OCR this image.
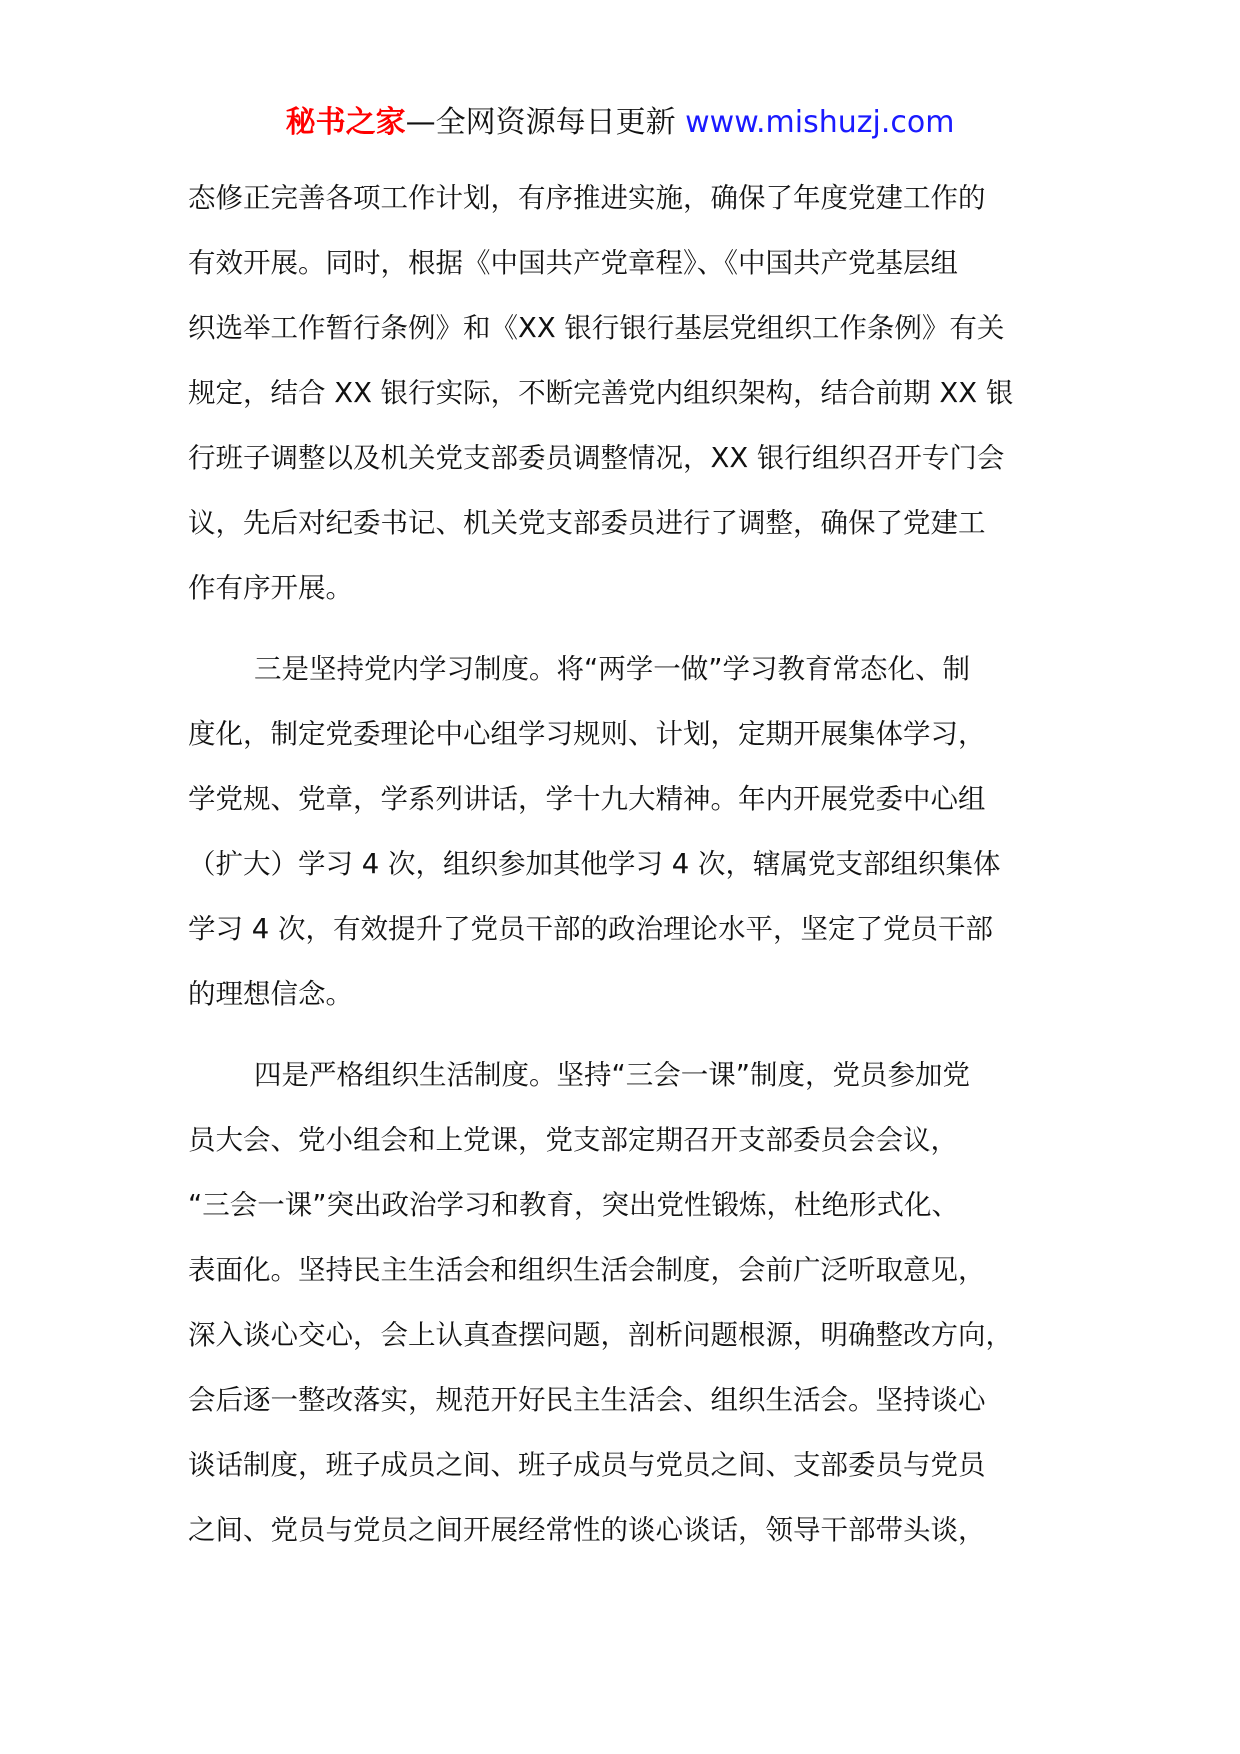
秘书之家—全网资源每日更新 www.mishuzj.com
态修正完善各项工作计划，有序推进实施，确保了年度党建工作的
有效开展。同时，根据《中国共产党章程》、《中国共产党基层组
织选举工作暂行条例》和《XX 银行银行基层党组织工作条例》有关
规定，结合 XX 银行实际，不断完善党内组织架构，结合前期 XX 银
行班子调整以及机关党支部委员调整情况，XX 银行组织召开专门会
议，先后对纪委书记、机关党支部委员进行了调整，确保了党建工
作有序开展。
三是坚持党内学习制度。将“两学一做”学习教育常态化、制
度化，制定党委理论中心组学习规则、计划，定期开展集体学习，
学党规、党章，学系列讲话，学十九大精神。年内开展党委中心组
（扩大）学习 4 次，组织参加其他学习 4 次，辖属党支部组织集体
学习 4 次，有效提升了党员干部的政治理论水平，坚定了党员干部
的理想信念。
四是严格组织生活制度。坚持“三会一课”制度，党员参加党
员大会、党小组会和上党课，党支部定期召开支部委员会会议，
“三会一课”突出政治学习和教育，突出党性锻炼，杜绝形式化、
表面化。坚持民主生活会和组织生活会制度，会前广泛听取意见，
深入谈心交心，会上认真查摆问题，剖析问题根源，明确整改方向，
会后逐一整改落实，规范开好民主生活会、组织生活会。坚持谈心
谈话制度，班子成员之间、班子成员与党员之间、支部委员与党员
之间、党员与党员之间开展经常性的谈心谈话，领导干部带头谈，
